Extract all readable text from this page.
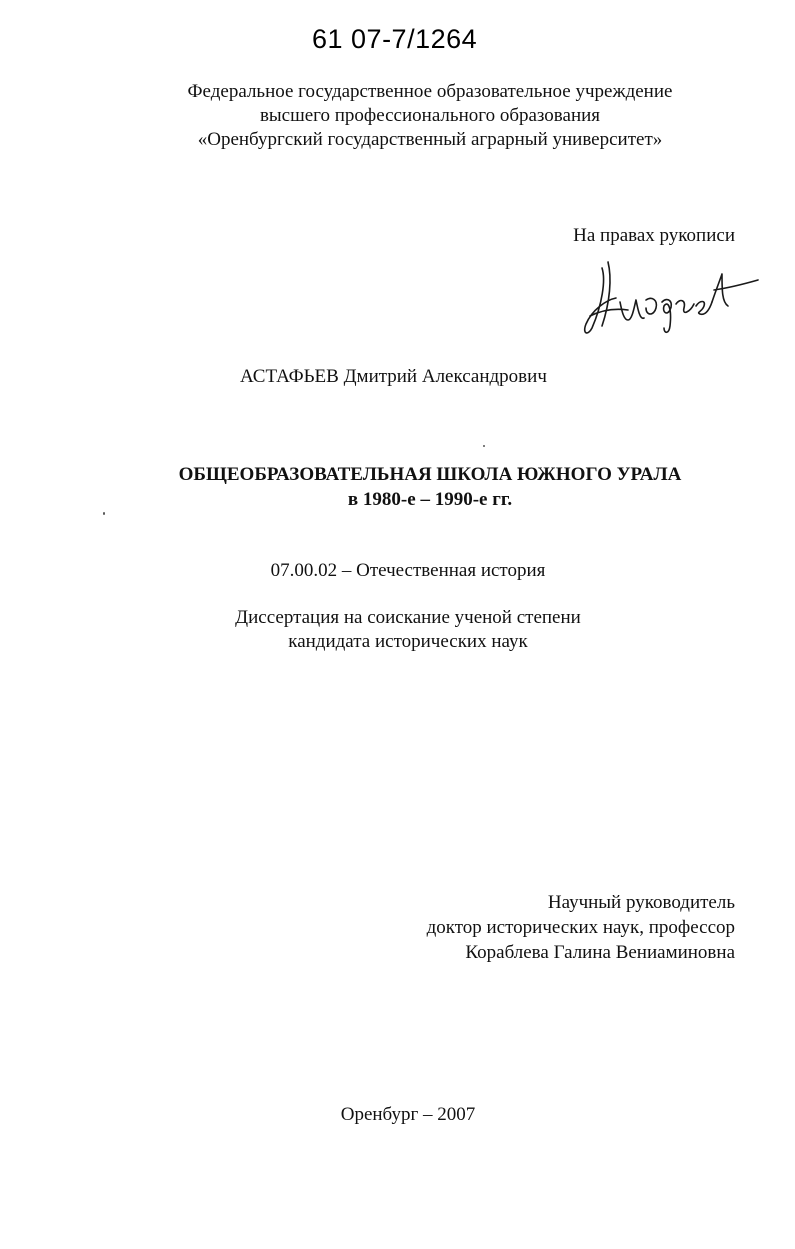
61 07-7/1264
Федеральное государственное образовательное учреждение
высшего профессионального образования
«Оренбургский государственный аграрный университет»
На правах рукописи
АСТАФЬЕВ Дмитрий Александрович
ОБЩЕОБРАЗОВАТЕЛЬНАЯ ШКОЛА ЮЖНОГО УРАЛА
в 1980-е – 1990-е гг.
07.00.02 – Отечественная история
Диссертация на соискание ученой степени
кандидата исторических наук
Научный руководитель
доктор исторических наук, профессор
Кораблева Галина Вениаминовна
Оренбург – 2007
